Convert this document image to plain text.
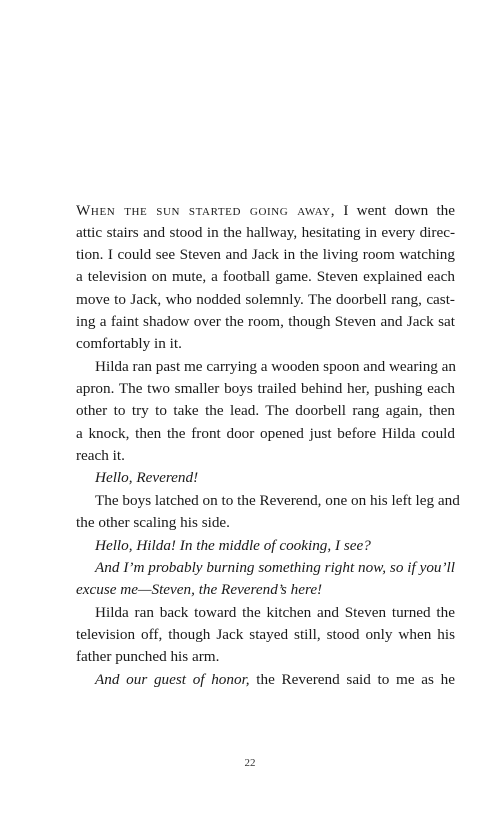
When the sun started going away, I went down the
attic stairs and stood in the hallway, hesitating in every direc-
tion. I could see Steven and Jack in the living room watching
a television on mute, a football game. Steven explained each
move to Jack, who nodded solemnly. The doorbell rang, cast-
ing a faint shadow over the room, though Steven and Jack sat
comfortably in it.
Hilda ran past me carrying a wooden spoon and wearing an
apron. The two smaller boys trailed behind her, pushing each
other to try to take the lead. The doorbell rang again, then
a knock, then the front door opened just before Hilda could
reach it.
Hello, Reverend!
The boys latched on to the Reverend, one on his left leg and
the other scaling his side.
Hello, Hilda! In the middle of cooking, I see?
And I’m probably burning something right now, so if you’ll
excuse me—Steven, the Reverend’s here!
Hilda ran back toward the kitchen and Steven turned the
television off, though Jack stayed still, stood only when his
father punched his arm.
And our guest of honor, the Reverend said to me as he
22
